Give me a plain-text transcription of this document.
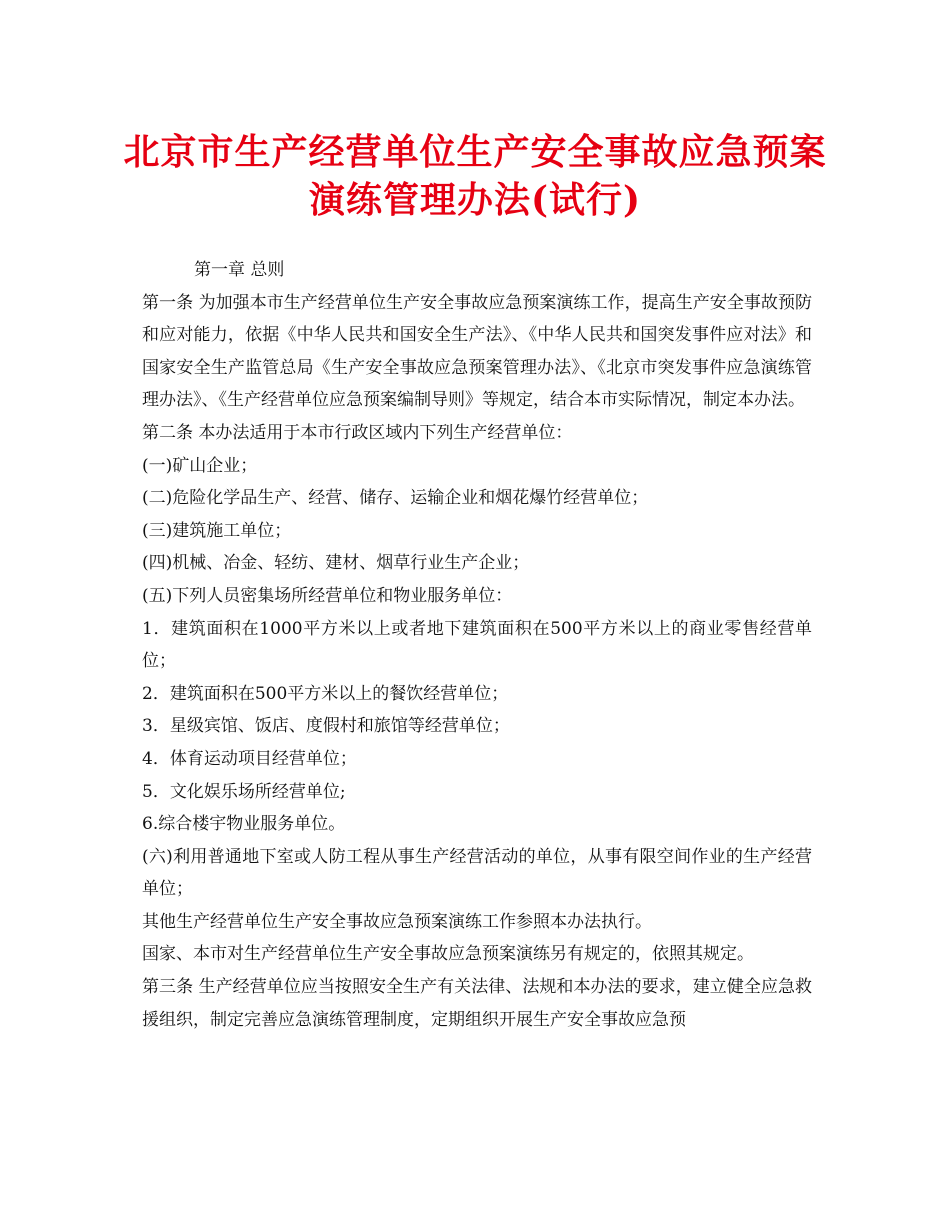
北京市生产经营单位生产安全事故应急预案
演练管理办法(试行)

第一章 总则

第一条 为加强本市生产经营单位生产安全事故应急预案演练工作，提高生产安全事故预防和应对能力，依据《中华人民共和国安全生产法》、《中华人民共和国突发事件应对法》和国家安全生产监管总局《生产安全事故应急预案管理办法》、《北京市突发事件应急演练管理办法》、《生产经营单位应急预案编制导则》等规定，结合本市实际情况，制定本办法。

第二条 本办法适用于本市行政区域内下列生产经营单位：

(一)矿山企业；

(二)危险化学品生产、经营、储存、运输企业和烟花爆竹经营单位；

(三)建筑施工单位；

(四)机械、冶金、轻纺、建材、烟草行业生产企业；

(五)下列人员密集场所经营单位和物业服务单位：

1．建筑面积在1000平方米以上或者地下建筑面积在500平方米以上的商业零售经营单位；

2．建筑面积在500平方米以上的餐饮经营单位；

3．星级宾馆、饭店、度假村和旅馆等经营单位；

4．体育运动项目经营单位；

5．文化娱乐场所经营单位;

6.综合楼宇物业服务单位。

(六)利用普通地下室或人防工程从事生产经营活动的单位，从事有限空间作业的生产经营单位；

其他生产经营单位生产安全事故应急预案演练工作参照本办法执行。

国家、本市对生产经营单位生产安全事故应急预案演练另有规定的，依照其规定。

第三条 生产经营单位应当按照安全生产有关法律、法规和本办法的要求，建立健全应急救援组织，制定完善应急演练管理制度，定期组织开展生产安全事故应急预
